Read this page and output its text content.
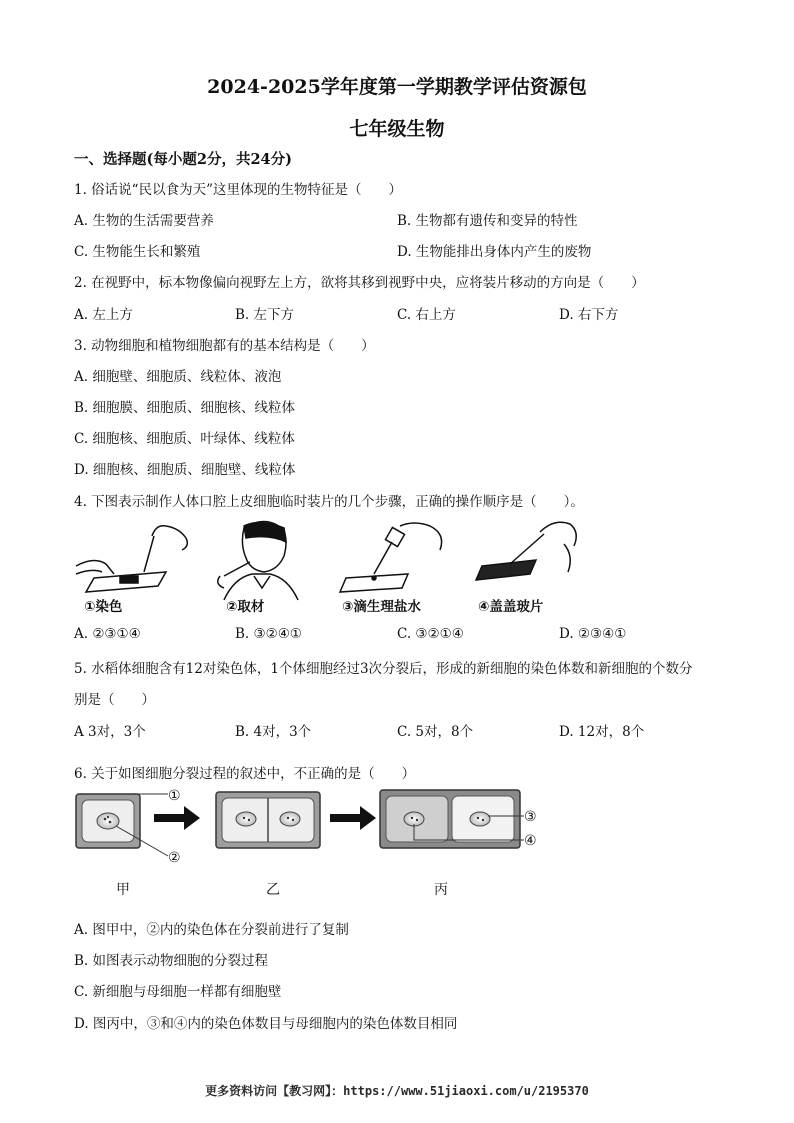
2024-2025学年度第一学期教学评估资源包
七年级生物
一、选择题(每小题2分，共24分)
1. 俗话说“民以食为天”这里体现的生物特征是（　　）
A. 生物的生活需要营养	B. 生物都有遗传和变异的特性
C. 生物能生长和繁殖	D. 生物能排出身体内产生的废物
2. 在视野中，标本物像偏向视野左上方，欲将其移到视野中央，应将装片移动的方向是（　　）
A. 左上方	B. 左下方	C. 右上方	D. 右下方
3. 动物细胞和植物细胞都有的基本结构是（　　）
A. 细胞壁、细胞质、线粒体、液泡
B. 细胞膜、细胞质、细胞核、线粒体
C. 细胞核、细胞质、叶绿体、线粒体
D. 细胞核、细胞质、细胞壁、线粒体
4. 下图表示制作人体口腔上皮细胞临时装片的几个步骤，正确的操作顺序是（　　）。
①染色	②取材	③滴生理盐水	④盖盖玻片
A. ②③①④	B. ③②④①	C. ③②①④	D. ②③④①
5. 水稻体细胞含有12对染色体，1个体细胞经过3次分裂后，形成的新细胞的染色体数和新细胞的个数分
别是（　　）
A 3对，3个	B. 4对，3个	C. 5对，8个	D. 12对，8个
6. 关于如图细胞分裂过程的叙述中，不正确的是（　　）
①
②
③
④
甲	乙	丙
A. 图甲中，②内的染色体在分裂前进行了复制
B. 如图表示动物细胞的分裂过程
C. 新细胞与母细胞一样都有细胞壁
D. 图丙中，③和④内的染色体数目与母细胞内的染色体数目相同
更多资料访问【教习网】：https://www.51jiaoxi.com/u/2195370
